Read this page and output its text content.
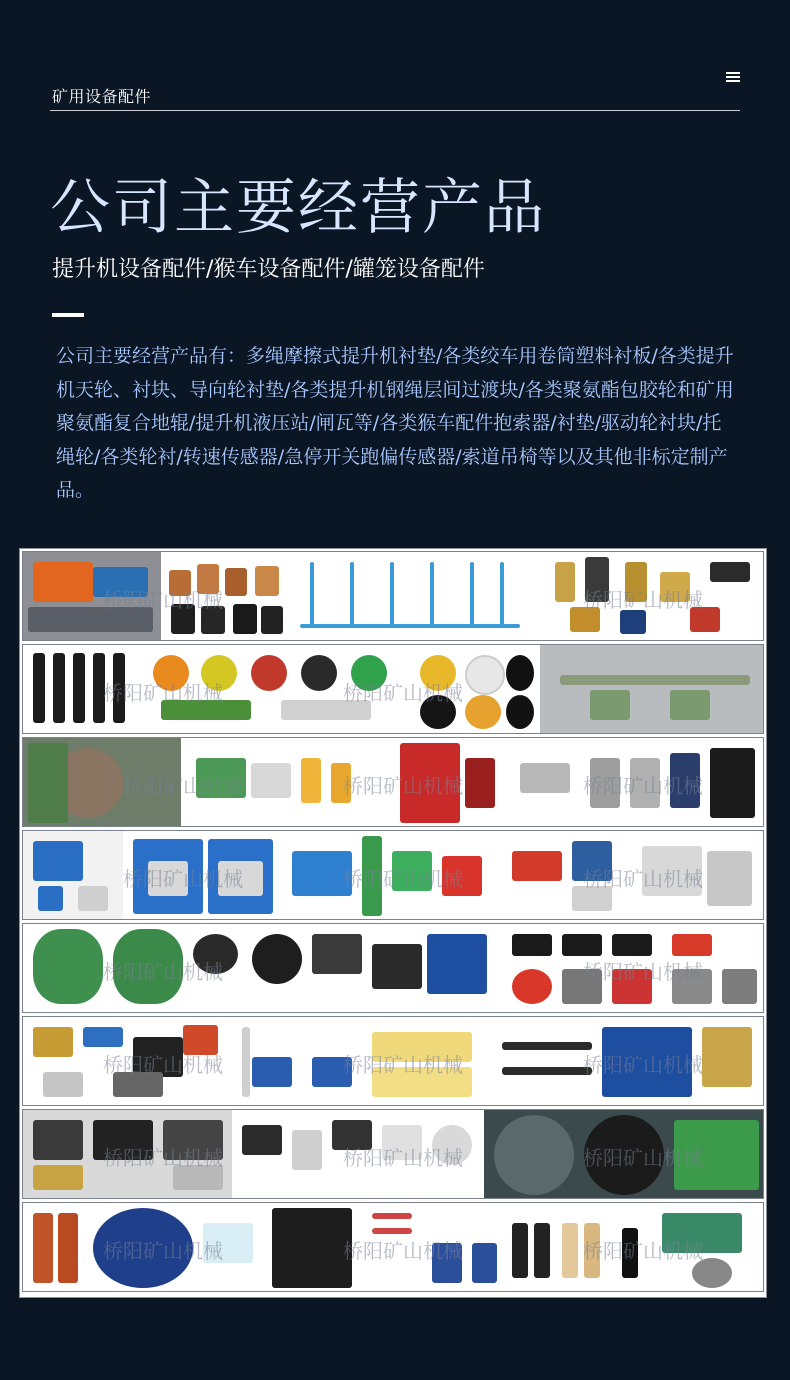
矿用设备配件
公司主要经营产品
提升机设备配件/猴车设备配件/罐笼设备配件
公司主要经营产品有：多绳摩擦式提升机衬垫/各类绞车用卷筒塑料衬板/各类提升机天轮、衬块、导向轮衬垫/各类提升机钢绳层间过渡块/各类聚氨酯包胶轮和矿用聚氨酯复合地辊/提升机液压站/闸瓦等/各类猴车配件抱索器/衬垫/驱动轮衬块/托绳轮/各类轮衬/转速传感器/急停开关跑偏传感器/索道吊椅等以及其他非标定制产品。
桥阳矿山机械	桥阳矿山机械
桥阳矿山机械	桥阳矿山机械
桥阳矿山机械	桥阳矿山机械	桥阳矿山机械
桥阳矿山机械	桥阳矿山机械	桥阳矿山机械
桥阳矿山机械	桥阳矿山机械
桥阳矿山机械	桥阳矿山机械	桥阳矿山机械
桥阳矿山机械	桥阳矿山机械	桥阳矿山机械
桥阳矿山机械	桥阳矿山机械	桥阳矿山机械
